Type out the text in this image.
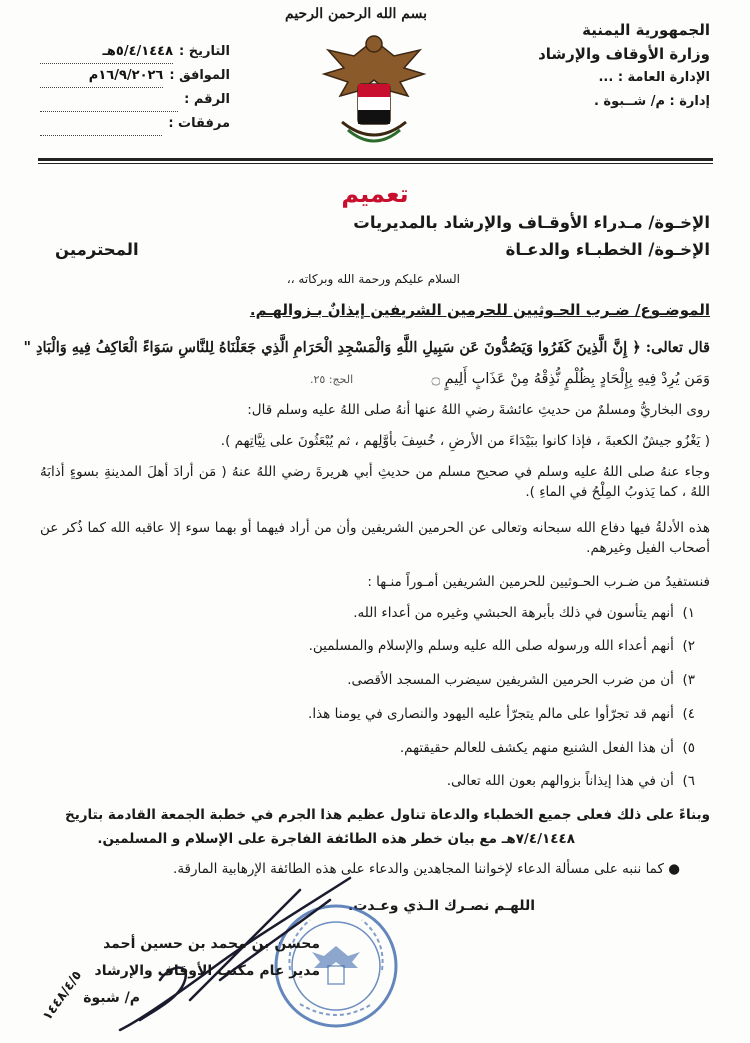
الجمهورية اليمنية
وزارة الأوقاف والإرشاد
الإدارة العامة : ...
إدارة : م/ شــبوة .
بسم الله الرحمن الرحيم
التاريخ :
٥/٤/١٤٤٨هـ
الموافق :
١٦/٩/٢٠٢٦م
الرقم :

مرفقات :

تعميم
الإخـوة/ مـدراء الأوقـاف والإرشاد بالمديريات
الإخـوة/ الخطبـاء والدعـاة
المحترمين
السلام عليكم ورحمة الله وبركاته ،،
الموضـوع/ ضـرب الحـوثيين للحرمين الشريفين إيذانٌ بـزوالهـم.
قال تعالى: ﴿ إِنَّ الَّذِينَ كَفَرُوا وَيَصُدُّونَ عَن سَبِيلِ اللَّهِ وَالْمَسْجِدِ الْحَرَامِ الَّذِي جَعَلْنَاهُ لِلنَّاسِ سَوَاءً الْعَاكِفُ فِيهِ وَالْبَادِ "
وَمَن يُرِدْ فِيهِ بِإِلْحَادٍ بِظُلْمٍ نُّذِقْهُ مِنْ عَذَابٍ أَلِيمٍ ۝
الحج: ٢٥.
روى البخاريُّ ومسلمٌ من حديثِ عائشةَ رضي اللهُ عنها أنهُ صلى اللهُ عليه وسلم قال:
( يَغْزُو جيشٌ الكعبةَ ، فإذا كانوا ببَيْدَاءَ من الأرضِ ، خُسِفَ بأوَّلِهم ، ثم يُبْعَثُونَ على نِيَّاتِهم ).
وجاء عنهُ صلى اللهُ عليه وسلم في صحيح مسلم من حديثِ أبي هريرةَ رضي اللهُ عنهُ ( مَن أرادَ أهلَ المدينةِ بسوءٍ أذابَهُ اللهُ ، كما يَذوبُ المِلْحُ في الماءِ ).
هذه الأدلةُ فيها دفاع الله سبحانه وتعالى عن الحرمين الشريفين وأن من أراد فيهما أو بهما سوء إلا عاقبه الله كما ذُكر عن أصحاب الفيل وغيرهم.
فنستفيدُ من ضـرب الحـوثيين للحرمين الشريفين أمـوراً منـها :
١)  أنهم يتأسون في ذلك بأبرهة الحبشي وغيره من أعداء الله.
٢)  أنهم أعداء الله ورسوله صلى الله عليه وسلم والإسلام والمسلمين.
٣)  أن من ضرب الحرمين الشريفين سيضرب المسجد الأقصى.
٤)  أنهم قد تجرّأوا على مالم يتجرّأ عليه اليهود والنصارى في يومنا هذا.
٥)  أن هذا الفعل الشنيع منهم يكشف للعالم حقيقتهم.
٦)  أن في هذا إيذاناً بزوالهم بعون الله تعالى.
وبناءً على ذلك فعلى جميع الخطباء والدعاة تناول عظيم هذا الجرم في خطبة الجمعة القادمة بتاريخ
٧/٤/١٤٤٨هـ مع بيان خطر هذه الطائفة الفاجرة على الإسلام و المسلمين.
● كما ننبه على مسألة الدعاء لإخواننا المجاهدين والدعاء على هذه الطائفة الإرهابية المارقة.
اللهـم نصـرك الـذي وعـدت.
محسن بن محمد بن حسين أحمد
مدير عام مكتب الأوقاف والإرشاد
م/ شبوة
١٤٤٨/٤/٥
